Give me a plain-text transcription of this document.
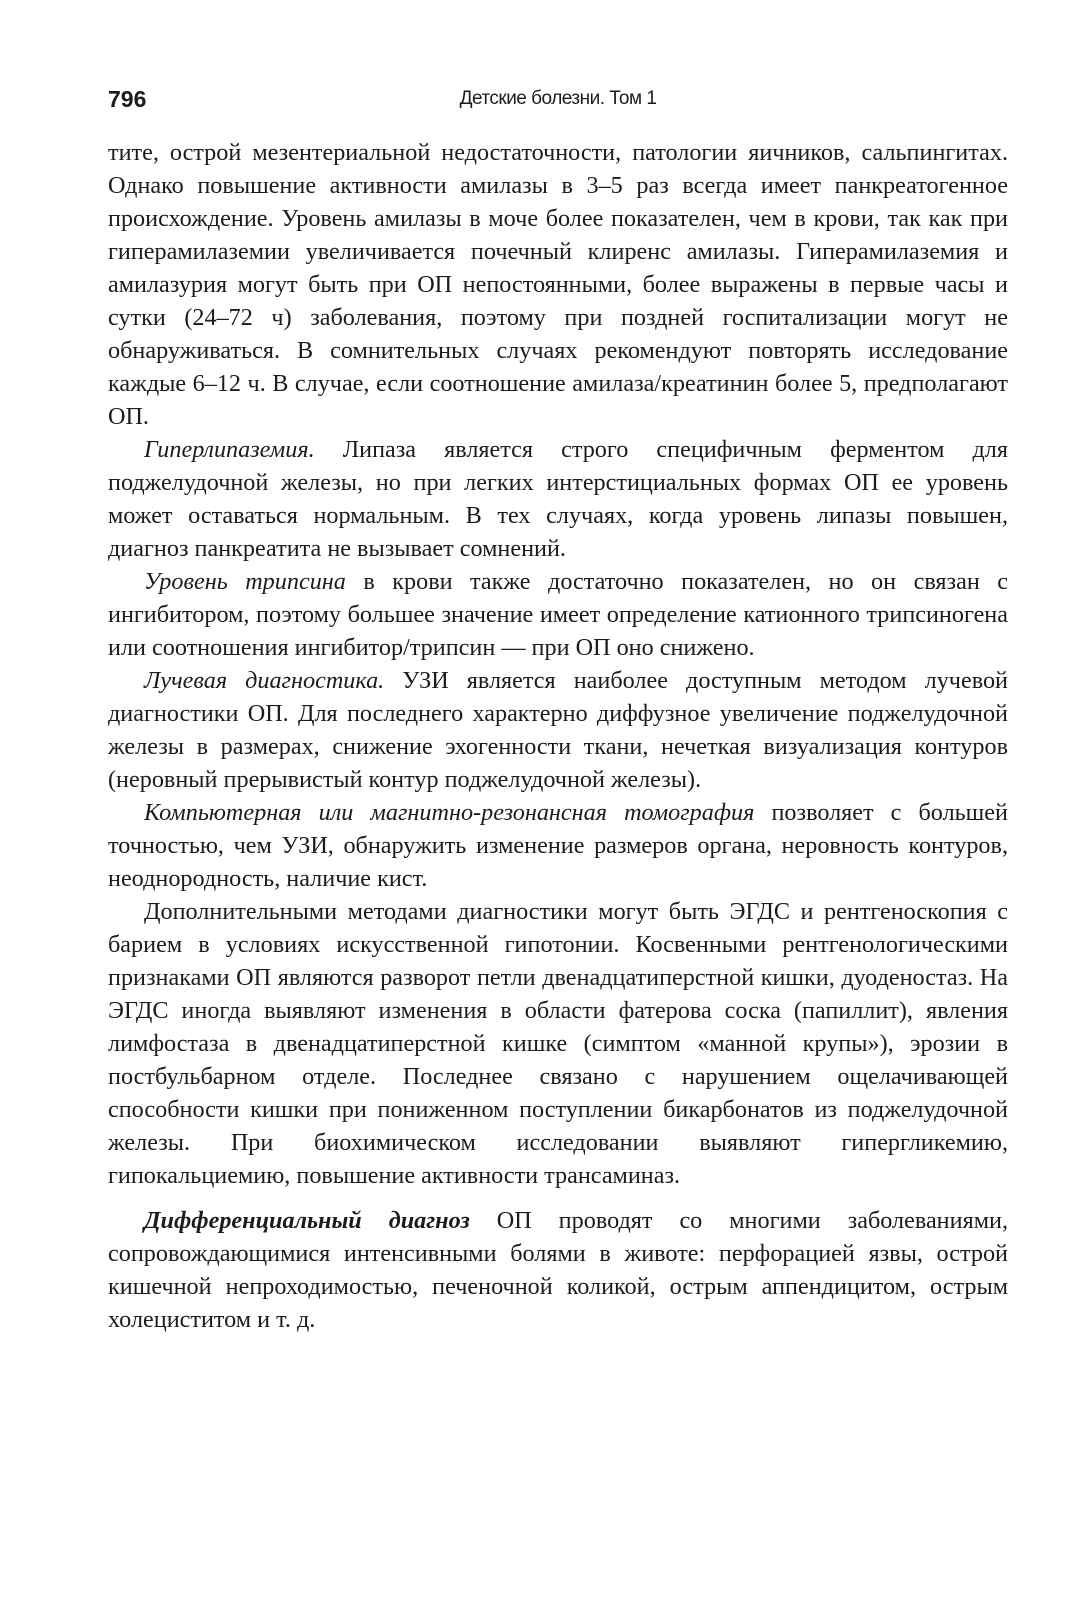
796	Детские болезни. Том 1

тите, острой мезентериальной недостаточности, патологии яичников, сальпингитах. Однако повышение активности амилазы в 3–5 раз всегда имеет панкреатогенное происхождение. Уровень амилазы в моче более показателен, чем в крови, так как при гиперамилаземии увеличивается почечный клиренс амилазы. Гиперамилаземия и амилазурия могут быть при ОП непостоянными, более выражены в первые часы и сутки (24–72 ч) заболевания, поэтому при поздней госпитализации могут не обнаруживаться. В сомнительных случаях рекомендуют повторять исследование каждые 6–12 ч. В случае, если соотношение амилаза/креатинин более 5, предполагают ОП.

Гиперлипаземия. Липаза является строго специфичным ферментом для поджелудочной железы, но при легких интерстициальных формах ОП ее уровень может оставаться нормальным. В тех случаях, когда уровень липазы повышен, диагноз панкреатита не вызывает сомнений.

Уровень трипсина в крови также достаточно показателен, но он связан с ингибитором, поэтому большее значение имеет определение катионного трипсиногена или соотношения ингибитор/трипсин — при ОП оно снижено.

Лучевая диагностика. УЗИ является наиболее доступным методом лучевой диагностики ОП. Для последнего характерно диффузное увеличение поджелудочной железы в размерах, снижение эхогенности ткани, нечеткая визуализация контуров (неровный прерывистый контур поджелудочной железы).

Компьютерная или магнитно-резонансная томография позволяет с большей точностью, чем УЗИ, обнаружить изменение размеров органа, неровность контуров, неоднородность, наличие кист.

Дополнительными методами диагностики могут быть ЭГДС и рентгеноскопия с барием в условиях искусственной гипотонии. Косвенными рентгенологическими признаками ОП являются разворот петли двенадцатиперстной кишки, дуоденостаз. На ЭГДС иногда выявляют изменения в области фатерова соска (папиллит), явления лимфостаза в двенадцатиперстной кишке (симптом «манной крупы»), эрозии в постбульбарном отделе. Последнее связано с нарушением ощелачивающей способности кишки при пониженном поступлении бикарбонатов из поджелудочной железы. При биохимическом исследовании выявляют гипергликемию, гипокальциемию, повышение активности трансаминаз.

Дифференциальный диагноз ОП проводят со многими заболеваниями, сопровождающимися интенсивными болями в животе: перфорацией язвы, острой кишечной непроходимостью, печеночной коликой, острым аппендицитом, острым холециститом и т. д.
